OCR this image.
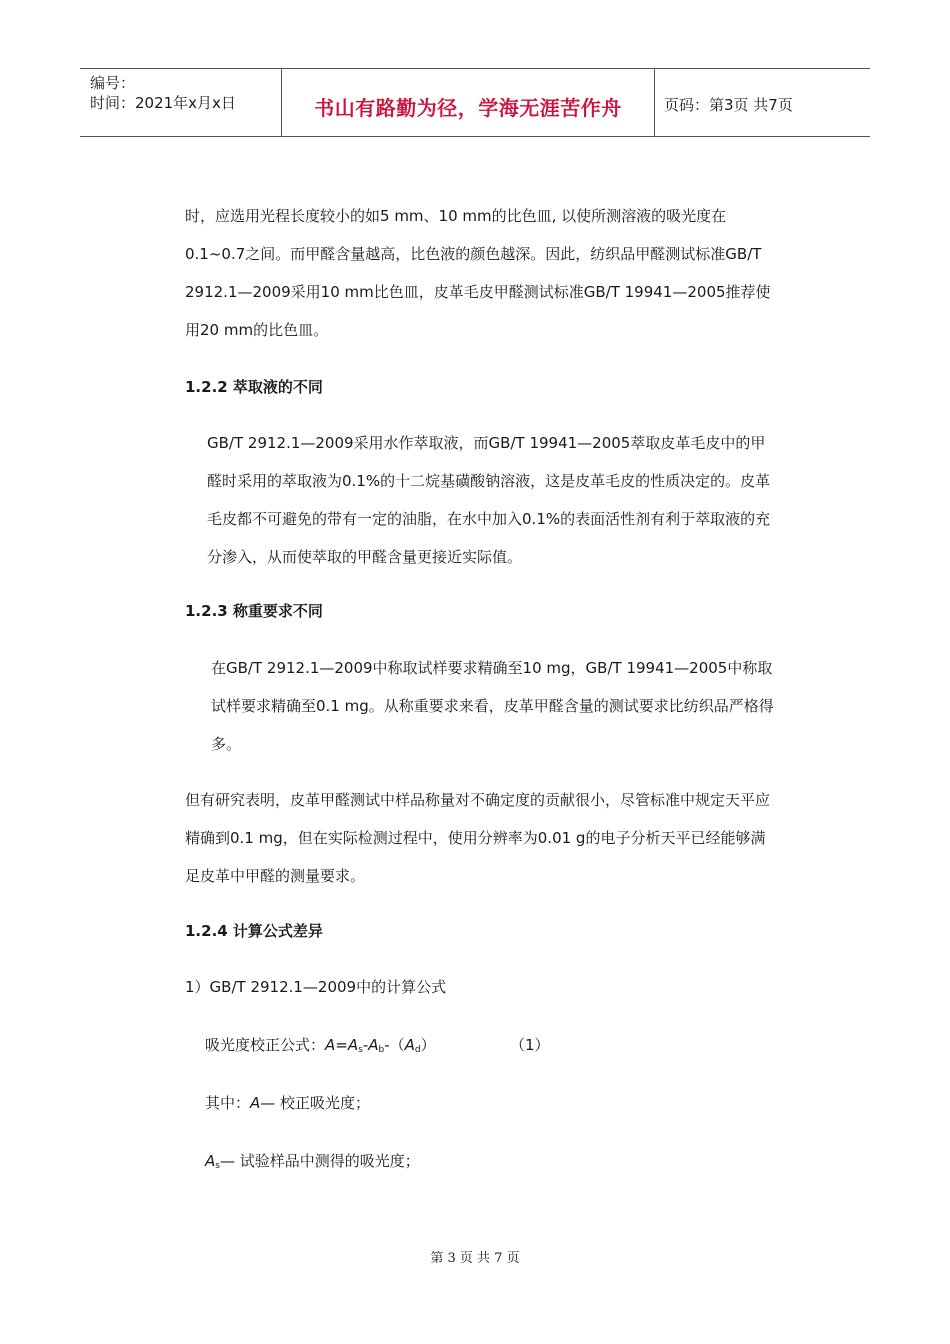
编号：
时间：2021年x月x日	书山有路勤为径，学海无涯苦作舟	页码：第3页 共7页

时，应选用光程长度较小的如5 mm、10 mm的比色皿, 以使所测溶液的吸光度在0.1~0.7之间。而甲醛含量越高，比色液的颜色越深。因此，纺织品甲醛测试标准GB/T 2912.1—2009采用10 mm比色皿，皮革毛皮甲醛测试标准GB/T 19941—2005推荐使用20 mm的比色皿。

1.2.2 萃取液的不同

GB/T 2912.1—2009采用水作萃取液，而GB/T 19941—2005萃取皮革毛皮中的甲醛时采用的萃取液为0.1%的十二烷基磺酸钠溶液，这是皮革毛皮的性质决定的。皮革毛皮都不可避免的带有一定的油脂，在水中加入0.1%的表面活性剂有利于萃取液的充分渗入，从而使萃取的甲醛含量更接近实际值。

1.2.3 称重要求不同

在GB/T 2912.1—2009中称取试样要求精确至10 mg，GB/T 19941—2005中称取试样要求精确至0.1 mg。从称重要求来看，皮革甲醛含量的测试要求比纺织品严格得多。

但有研究表明，皮革甲醛测试中样品称量对不确定度的贡献很小，尽管标准中规定天平应精确到0.1 mg，但在实际检测过程中，使用分辨率为0.01 g的电子分析天平已经能够满足皮革中甲醛的测量要求。

1.2.4 计算公式差异

1）GB/T 2912.1—2009中的计算公式

吸光度校正公式：$A=A_s-A_b-(A_d)$	（1）
其中：A— 校正吸光度；
$A_s—$ 试验样品中测得的吸光度；
第 3 页 共 7 页
